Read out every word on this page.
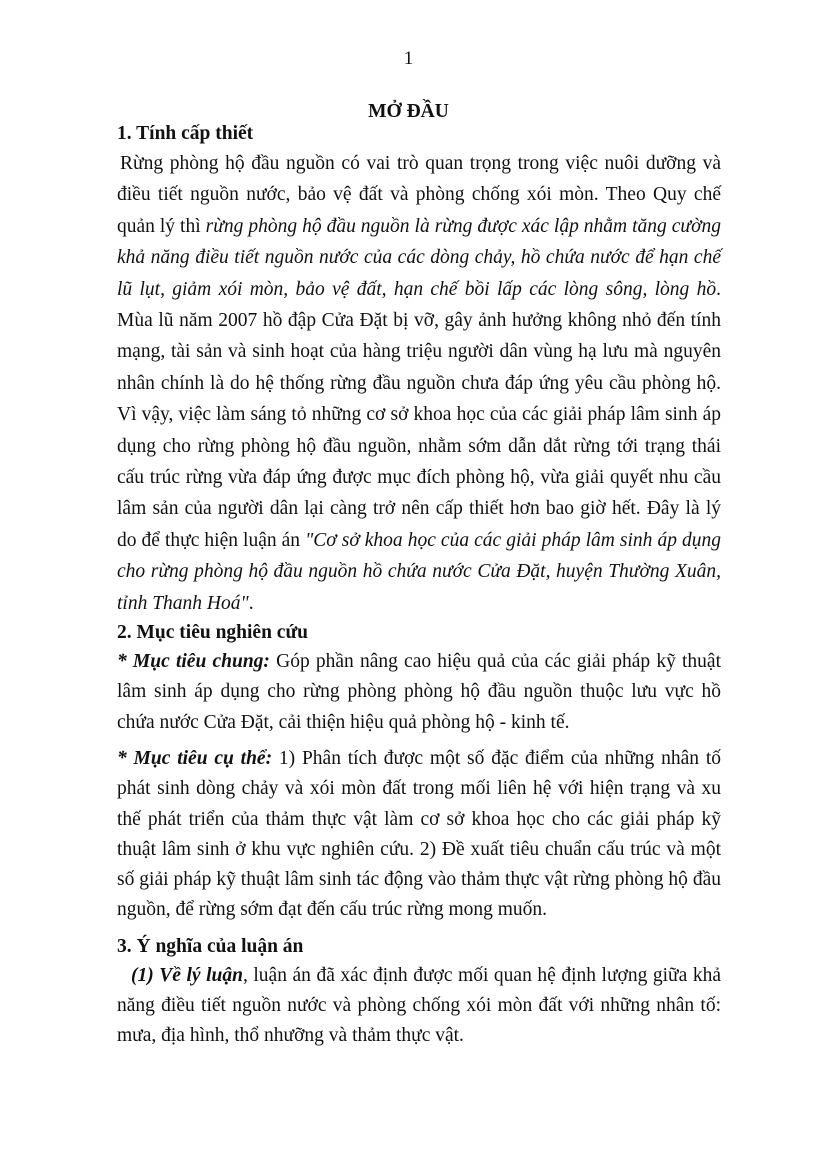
1
MỞ ĐẦU
1. Tính cấp thiết

Rừng phòng hộ đầu nguồn có vai trò quan trọng trong việc nuôi dưỡng và điều tiết nguồn nước, bảo vệ đất và phòng chống xói mòn. Theo Quy chế quản lý thì rừng phòng hộ đầu nguồn là rừng được xác lập nhằm tăng cường khả năng điều tiết nguồn nước của các dòng chảy, hồ chứa nước để hạn chế lũ lụt, giảm xói mòn, bảo vệ đất, hạn chế bồi lấp các lòng sông, lòng hồ. Mùa lũ năm 2007 hồ đập Cửa Đặt bị vỡ, gây ảnh hưởng không nhỏ đến tính mạng, tài sản và sinh hoạt của hàng triệu người dân vùng hạ lưu mà nguyên nhân chính là do hệ thống rừng đầu nguồn chưa đáp ứng yêu cầu phòng hộ. Vì vậy, việc làm sáng tỏ những cơ sở khoa học của các giải pháp lâm sinh áp dụng cho rừng phòng hộ đầu nguồn, nhằm sớm dẫn dắt rừng tới trạng thái cấu trúc rừng vừa đáp ứng được mục đích phòng hộ, vừa giải quyết nhu cầu lâm sản của người dân lại càng trở nên cấp thiết hơn bao giờ hết. Đây là lý do để thực hiện luận án "Cơ sở khoa học của các giải pháp lâm sinh áp dụng cho rừng phòng hộ đầu nguồn hồ chứa nước Cửa Đặt, huyện Thường Xuân, tỉnh Thanh Hoá".

2. Mục tiêu nghiên cứu

* Mục tiêu chung: Góp phần nâng cao hiệu quả của các giải pháp kỹ thuật lâm sinh áp dụng cho rừng phòng phòng hộ đầu nguồn thuộc lưu vực hồ chứa nước Cửa Đặt, cải thiện hiệu quả phòng hộ - kinh tế.

* Mục tiêu cụ thể: 1) Phân tích được một số đặc điểm của những nhân tố phát sinh dòng chảy và xói mòn đất trong mối liên hệ với hiện trạng và xu thế phát triển của thảm thực vật làm cơ sở khoa học cho các giải pháp kỹ thuật lâm sinh ở khu vực nghiên cứu. 2) Đề xuất tiêu chuẩn cấu trúc và một số giải pháp kỹ thuật lâm sinh tác động vào thảm thực vật rừng phòng hộ đầu nguồn, để rừng sớm đạt đến cấu trúc rừng mong muốn.

3. Ý nghĩa của luận án

(1) Về lý luận, luận án đã xác định được mối quan hệ định lượng giữa khả năng điều tiết nguồn nước và phòng chống xói mòn đất với những nhân tố: mưa, địa hình, thổ nhưỡng và thảm thực vật.
